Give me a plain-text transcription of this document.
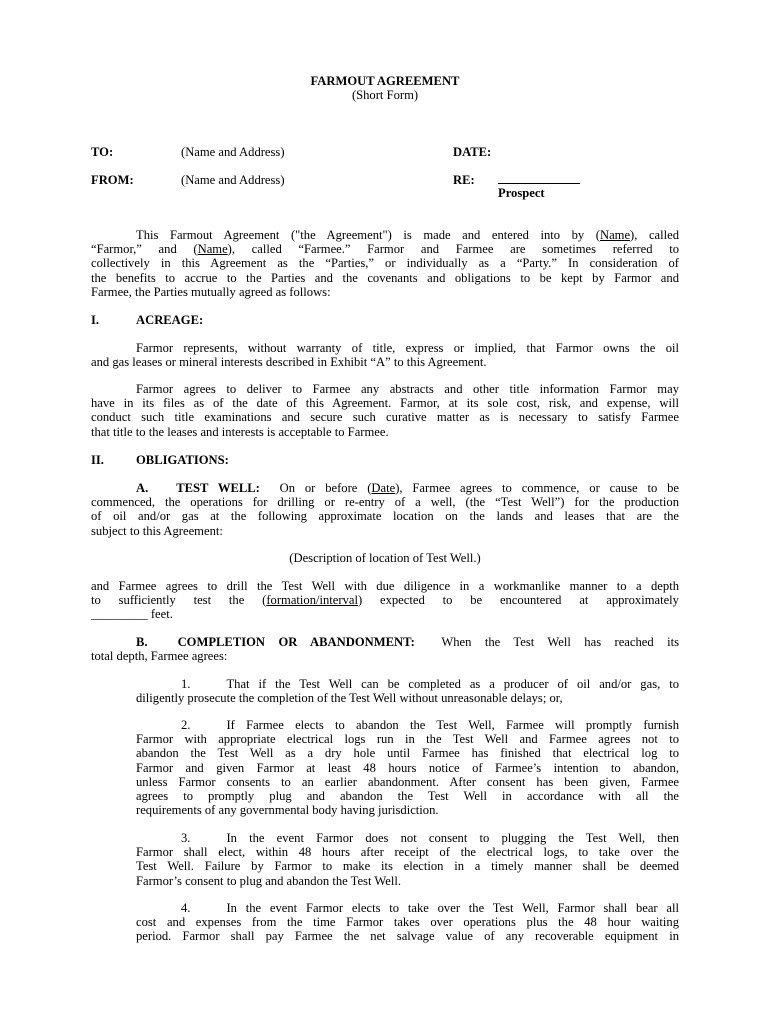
FARMOUT AGREEMENT
(Short Form)
TO:	(Name and Address)	DATE:
FROM:	(Name and Address)	RE:
Prospect
This Farmout Agreement ("the Agreement") is made and entered into by (Name), called
“Farmor,” and (Name), called “Farmee.” Farmor and Farmee are sometimes referred to
collectively in this Agreement as the “Parties,” or individually as a “Party.” In consideration of
the benefits to accrue to the Parties and the covenants and obligations to be kept by Farmor and
Farmee, the Parties mutually agreed as follows:
I.	ACREAGE:
Farmor represents, without warranty of title, express or implied, that Farmor owns the oil
and gas leases or mineral interests described in Exhibit “A” to this Agreement.
Farmor agrees to deliver to Farmee any abstracts and other title information Farmor may
have in its files as of the date of this Agreement. Farmor, at its sole cost, risk, and expense, will
conduct such title examinations and secure such curative matter as is necessary to satisfy Farmee
that title to the leases and interests is acceptable to Farmee.
II.	OBLIGATIONS:
A. TEST WELL: On or before (Date), Farmee agrees to commence, or cause to be
commenced, the operations for drilling or re-entry of a well, (the “Test Well”) for the production
of oil and/or gas at the following approximate location on the lands and leases that are the
subject to this Agreement:
(Description of location of Test Well.)
and Farmee agrees to drill the Test Well with due diligence in a workmanlike manner to a depth
to sufficiently test the (formation/interval) expected to be encountered at approximately
_________ feet.
B. COMPLETION OR ABANDONMENT: When the Test Well has reached its
total depth, Farmee agrees:
1.	That if the Test Well can be completed as a producer of oil and/or gas, to
diligently prosecute the completion of the Test Well without unreasonable delays; or,
2.	If Farmee elects to abandon the Test Well, Farmee will promptly furnish
Farmor with appropriate electrical logs run in the Test Well and Farmee agrees not to
abandon the Test Well as a dry hole until Farmee has finished that electrical log to
Farmor and given Farmor at least 48 hours notice of Farmee’s intention to abandon,
unless Farmor consents to an earlier abandonment. After consent has been given, Farmee
agrees to promptly plug and abandon the Test Well in accordance with all the
requirements of any governmental body having jurisdiction.
3.	In the event Farmor does not consent to plugging the Test Well, then
Farmor shall elect, within 48 hours after receipt of the electrical logs, to take over the
Test Well. Failure by Farmor to make its election in a timely manner shall be deemed
Farmor’s consent to plug and abandon the Test Well.
4.	In the event Farmor elects to take over the Test Well, Farmor shall bear all
cost and expenses from the time Farmor takes over operations plus the 48 hour waiting
period. Farmor shall pay Farmee the net salvage value of any recoverable equipment in
